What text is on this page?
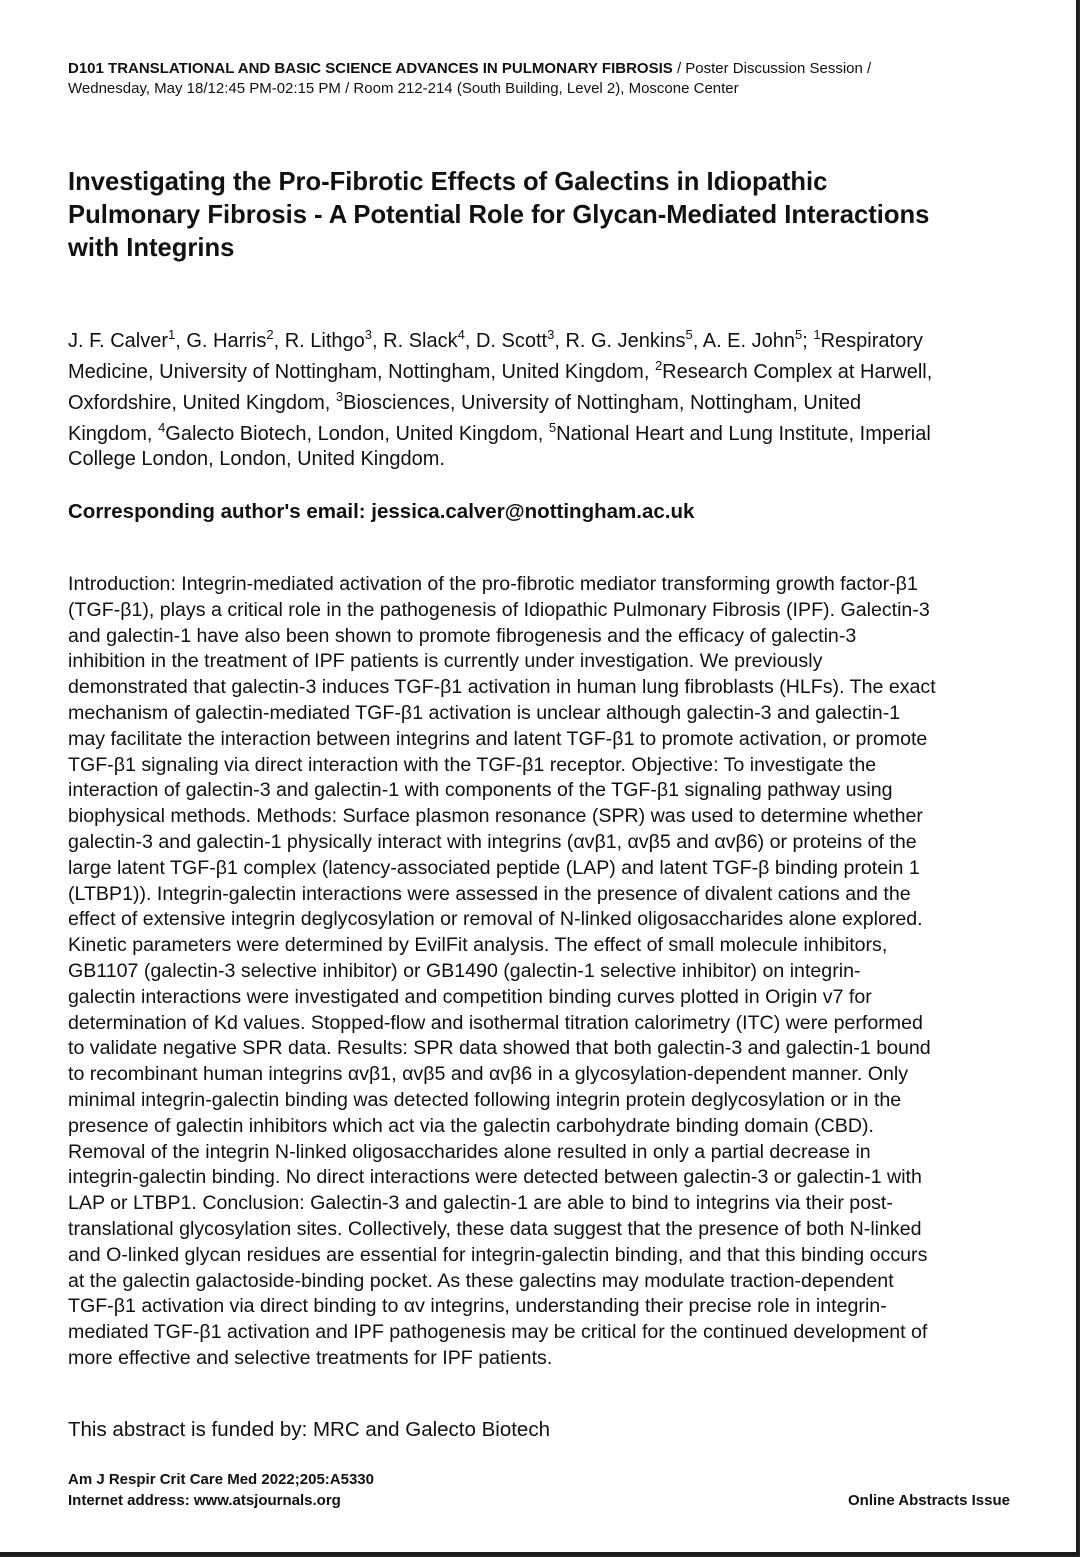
D101 TRANSLATIONAL AND BASIC SCIENCE ADVANCES IN PULMONARY FIBROSIS / Poster Discussion Session /
Wednesday, May 18/12:45 PM-02:15 PM / Room 212-214 (South Building, Level 2), Moscone Center
Investigating the Pro-Fibrotic Effects of Galectins in Idiopathic
Pulmonary Fibrosis - A Potential Role for Glycan-Mediated Interactions
with Integrins

J. F. Calver$^1$, G. Harris$^2$, R. Lithgo$^3$, R. Slack$^4$, D. Scott$^3$, R. G. Jenkins$^5$, A. E. John$^5$; $^1$Respiratory
Medicine, University of Nottingham, Nottingham, United Kingdom, $^2$Research Complex at Harwell,
Oxfordshire, United Kingdom, $^3$Biosciences, University of Nottingham, Nottingham, United
Kingdom, $^4$Galecto Biotech, London, United Kingdom, $^5$National Heart and Lung Institute, Imperial
College London, London, United Kingdom.

Corresponding author's email: jessica.calver@nottingham.ac.uk

Introduction: Integrin-mediated activation of the pro-fibrotic mediator transforming growth factor-β1
(TGF-β1), plays a critical role in the pathogenesis of Idiopathic Pulmonary Fibrosis (IPF). Galectin-3
and galectin-1 have also been shown to promote fibrogenesis and the efficacy of galectin-3
inhibition in the treatment of IPF patients is currently under investigation. We previously
demonstrated that galectin-3 induces TGF-β1 activation in human lung fibroblasts (HLFs). The exact
mechanism of galectin-mediated TGF-β1 activation is unclear although galectin-3 and galectin-1
may facilitate the interaction between integrins and latent TGF-β1 to promote activation, or promote
TGF-β1 signaling via direct interaction with the TGF-β1 receptor. Objective: To investigate the
interaction of galectin-3 and galectin-1 with components of the TGF-β1 signaling pathway using
biophysical methods. Methods: Surface plasmon resonance (SPR) was used to determine whether
galectin-3 and galectin-1 physically interact with integrins (αvβ1, αvβ5 and αvβ6) or proteins of the
large latent TGF-β1 complex (latency-associated peptide (LAP) and latent TGF-β binding protein 1
(LTBP1)). Integrin-galectin interactions were assessed in the presence of divalent cations and the
effect of extensive integrin deglycosylation or removal of N-linked oligosaccharides alone explored.
Kinetic parameters were determined by EvilFit analysis. The effect of small molecule inhibitors,
GB1107 (galectin-3 selective inhibitor) or GB1490 (galectin-1 selective inhibitor) on integrin-
galectin interactions were investigated and competition binding curves plotted in Origin v7 for
determination of Kd values. Stopped-flow and isothermal titration calorimetry (ITC) were performed
to validate negative SPR data. Results: SPR data showed that both galectin-3 and galectin-1 bound
to recombinant human integrins αvβ1, αvβ5 and αvβ6 in a glycosylation-dependent manner. Only
minimal integrin-galectin binding was detected following integrin protein deglycosylation or in the
presence of galectin inhibitors which act via the galectin carbohydrate binding domain (CBD).
Removal of the integrin N-linked oligosaccharides alone resulted in only a partial decrease in
integrin-galectin binding. No direct interactions were detected between galectin-3 or galectin-1 with
LAP or LTBP1. Conclusion: Galectin-3 and galectin-1 are able to bind to integrins via their post-
translational glycosylation sites. Collectively, these data suggest that the presence of both N-linked
and O-linked glycan residues are essential for integrin-galectin binding, and that this binding occurs
at the galectin galactoside-binding pocket. As these galectins may modulate traction-dependent
TGF-β1 activation via direct binding to αv integrins, understanding their precise role in integrin-
mediated TGF-β1 activation and IPF pathogenesis may be critical for the continued development of
more effective and selective treatments for IPF patients.

This abstract is funded by: MRC and Galecto Biotech

Am J Respir Crit Care Med 2022;205:A5330
Internet address: www.atsjournals.org	Online Abstracts Issue
